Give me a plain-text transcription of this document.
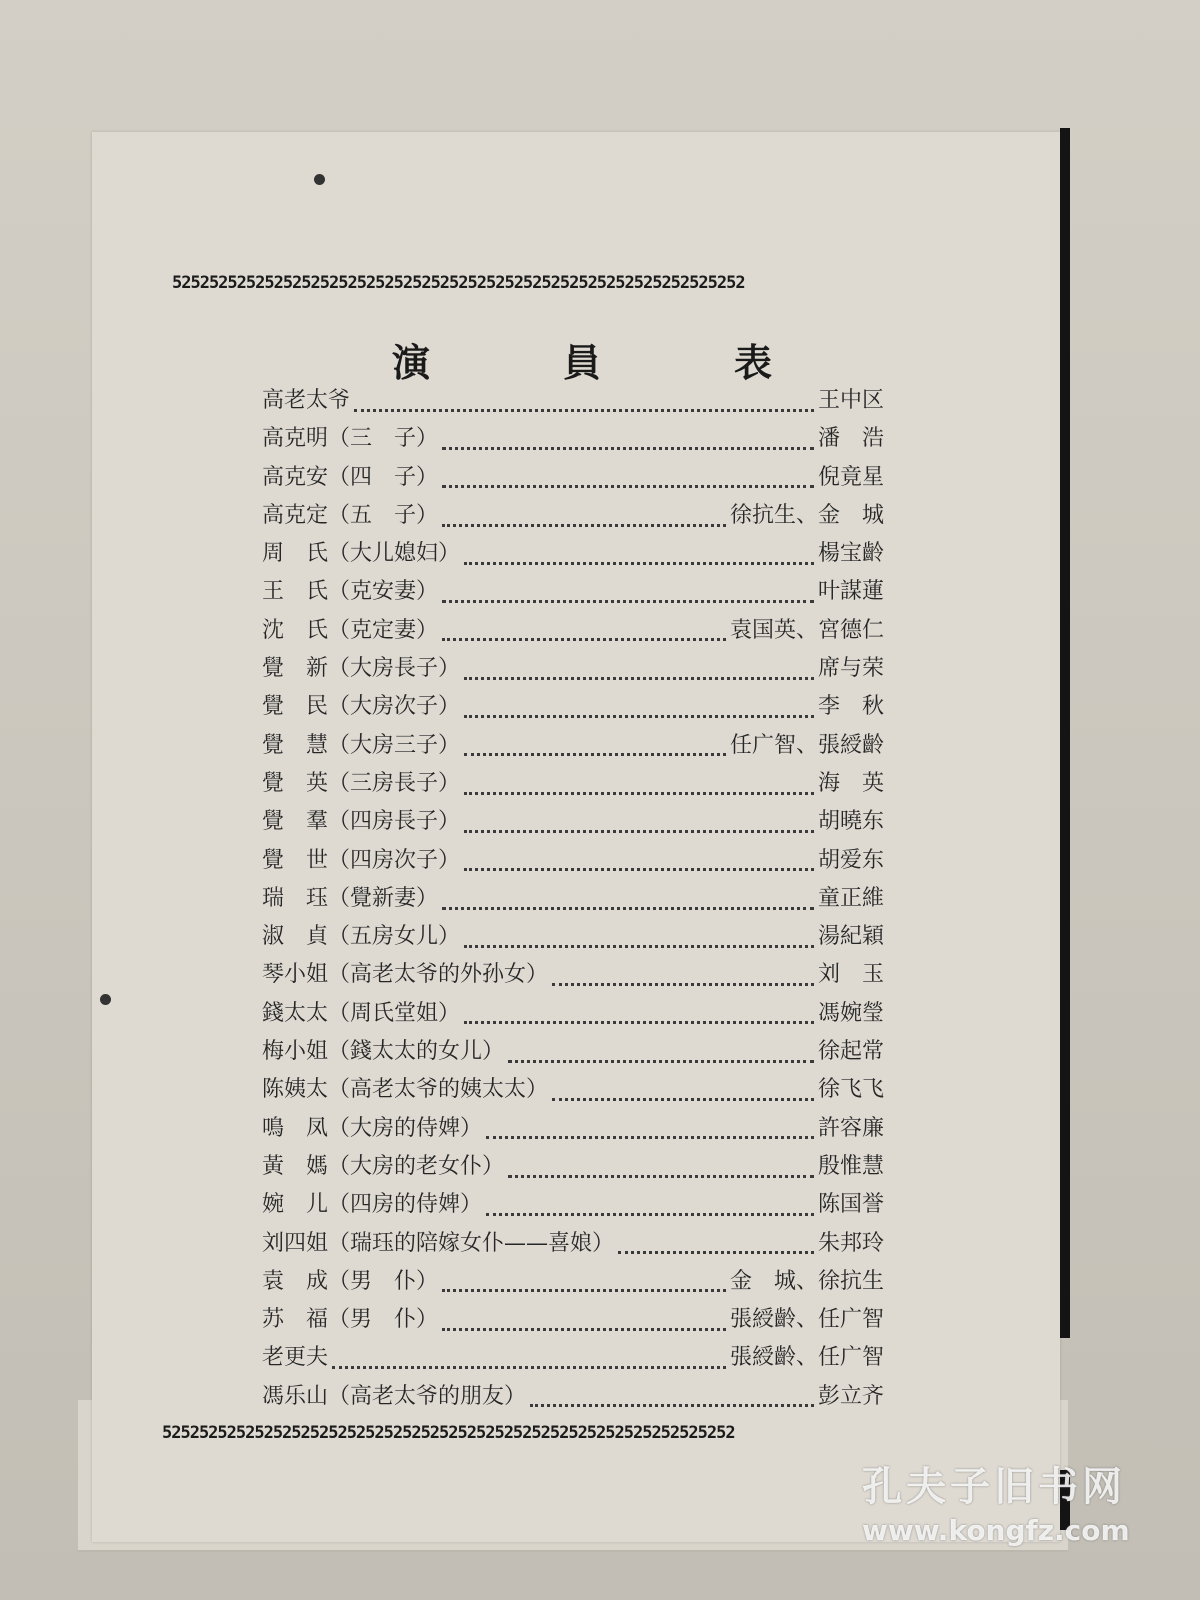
52525252525252525252525252525252525252525252525252525252525252
演	員	表
高老太爷	王中区
高克明（三　子）	潘　浩
高克安（四　子）	倪竟星
高克定（五　子）	徐抗生、金　城
周　氏（大儿媳妇）	楊宝齡
王　氏（克安妻）	叶謀蓮
沈　氏（克定妻）	袁国英、宮德仁
覺　新（大房長子）	席与荣
覺　民（大房次子）	李　秋
覺　慧（大房三子）	任广智、張綬齡
覺　英（三房長子）	海　英
覺　羣（四房長子）	胡曉东
覺　世（四房次子）	胡爱东
瑞　珏（覺新妻）	童正維
淑　貞（五房女儿）	湯紀穎
琴小姐（高老太爷的外孙女）	刘　玉
錢太太（周氏堂姐）	馮婉瑩
梅小姐（錢太太的女儿）	徐起常
陈姨太（高老太爷的姨太太）	徐飞飞
鳴　凤（大房的侍婢）	許容廉
黃　媽（大房的老女仆）	殷惟慧
婉　儿（四房的侍婢）	陈国誉
刘四姐（瑞珏的陪嫁女仆——喜娘）	朱邦玲
袁　成（男　仆）	金　城、徐抗生
苏　福（男　仆）	張綬齡、任广智
老更夫	張綬齡、任广智
馮乐山（高老太爷的朋友）	彭立齐
52525252525252525252525252525252525252525252525252525252525252
孔夫子旧书网
www.kongfz.com
